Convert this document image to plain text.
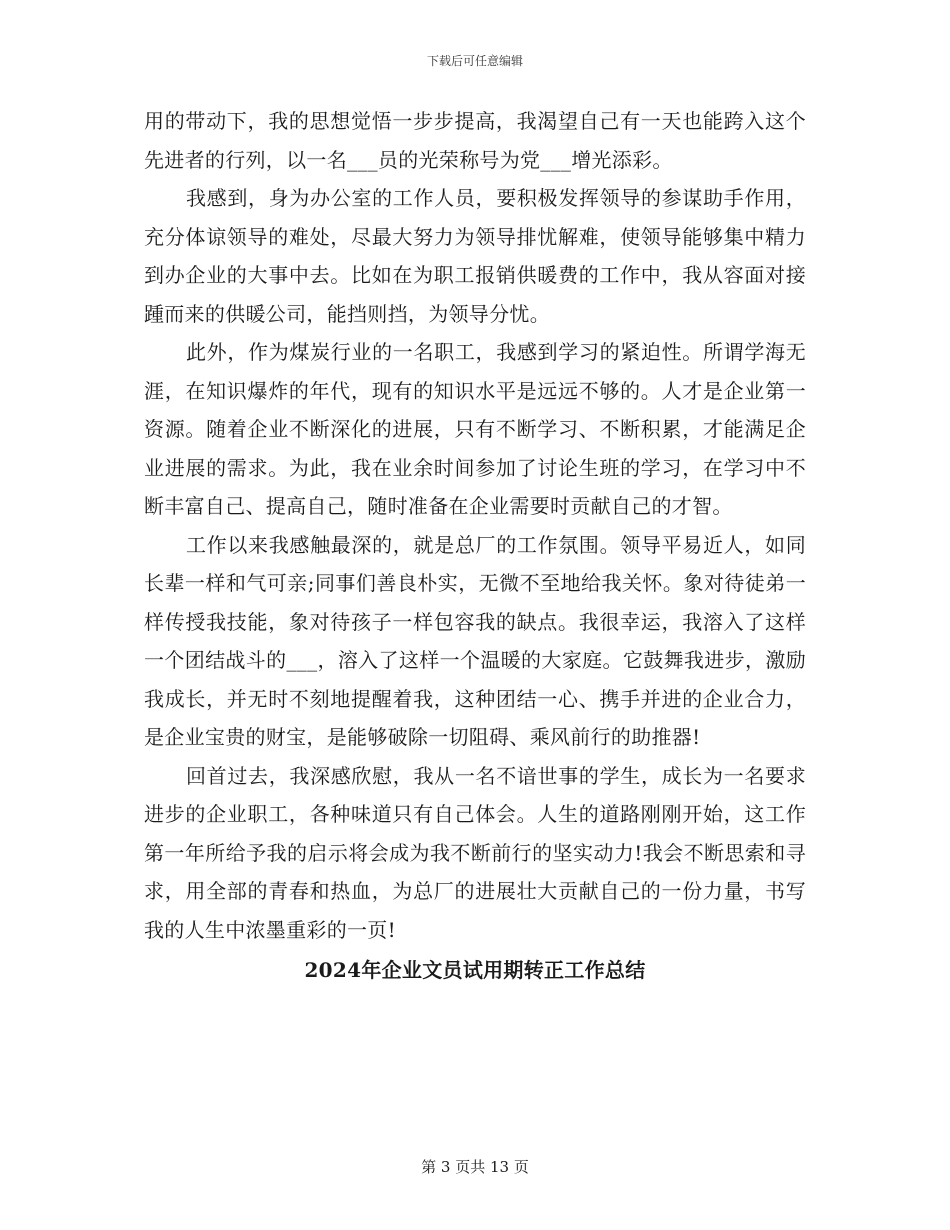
下载后可任意编辑

用的带动下，我的思想觉悟一步步提高，我渴望自己有一天也能跨入这个先进者的行列，以一名___员的光荣称号为党___增光添彩。

我感到，身为办公室的工作人员，要积极发挥领导的参谋助手作用，充分体谅领导的难处，尽最大努力为领导排忧解难，使领导能够集中精力到办企业的大事中去。比如在为职工报销供暖费的工作中，我从容面对接踵而来的供暖公司，能挡则挡，为领导分忧。

此外，作为煤炭行业的一名职工，我感到学习的紧迫性。所谓学海无涯，在知识爆炸的年代，现有的知识水平是远远不够的。人才是企业第一资源。随着企业不断深化的进展，只有不断学习、不断积累，才能满足企业进展的需求。为此，我在业余时间参加了讨论生班的学习，在学习中不断丰富自己、提高自己，随时准备在企业需要时贡献自己的才智。

工作以来我感触最深的，就是总厂的工作氛围。领导平易近人，如同长辈一样和气可亲;同事们善良朴实，无微不至地给我关怀。象对待徒弟一样传授我技能，象对待孩子一样包容我的缺点。我很幸运，我溶入了这样一个团结战斗的___，溶入了这样一个温暖的大家庭。它鼓舞我进步，激励我成长，并无时不刻地提醒着我，这种团结一心、携手并进的企业合力，是企业宝贵的财宝，是能够破除一切阻碍、乘风前行的助推器!

回首过去，我深感欣慰，我从一名不谙世事的学生，成长为一名要求进步的企业职工，各种味道只有自己体会。人生的道路刚刚开始，这工作第一年所给予我的启示将会成为我不断前行的坚实动力!我会不断思索和寻求，用全部的青春和热血，为总厂的进展壮大贡献自己的一份力量，书写我的人生中浓墨重彩的一页!

2024年企业文员试用期转正工作总结
第 3 页共 13 页
